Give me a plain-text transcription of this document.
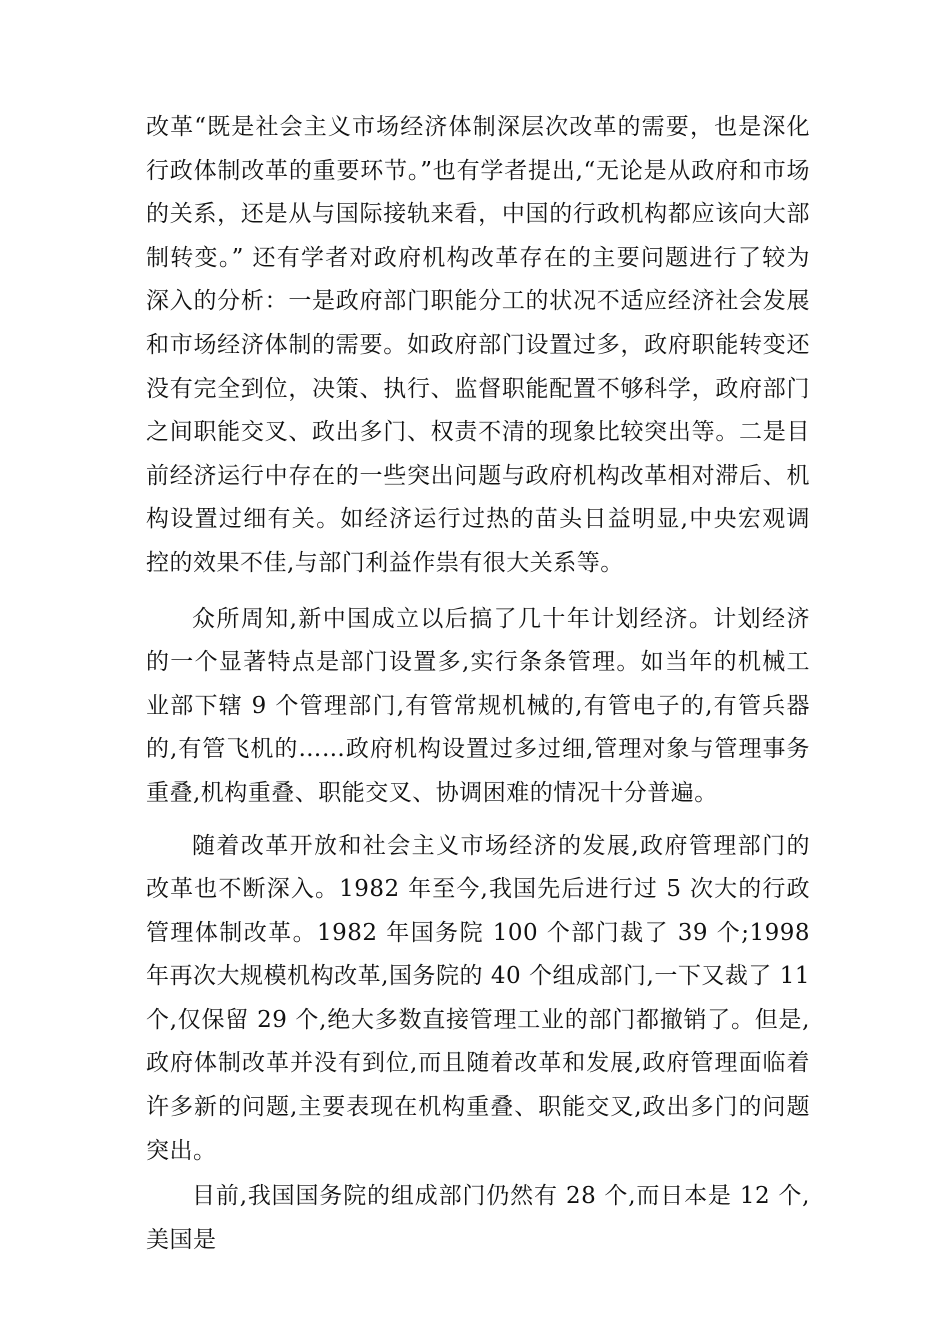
改革“既是社会主义市场经济体制深层次改革的需要，也是深化行政体制改革的重要环节。”也有学者提出,“无论是从政府和市场的关系，还是从与国际接轨来看，中国的行政机构都应该向大部制转变。” 还有学者对政府机构改革存在的主要问题进行了较为深入的分析：一是政府部门职能分工的状况不适应经济社会发展和市场经济体制的需要。如政府部门设置过多，政府职能转变还没有完全到位，决策、执行、监督职能配置不够科学，政府部门之间职能交叉、政出多门、权责不清的现象比较突出等。二是目前经济运行中存在的一些突出问题与政府机构改革相对滞后、机构设置过细有关。如经济运行过热的苗头日益明显,中央宏观调控的效果不佳,与部门利益作祟有很大关系等。

众所周知,新中国成立以后搞了几十年计划经济。计划经济的一个显著特点是部门设置多,实行条条管理。如当年的机械工业部下辖 9 个管理部门,有管常规机械的,有管电子的,有管兵器的,有管飞机的……政府机构设置过多过细,管理对象与管理事务重叠,机构重叠、职能交叉、协调困难的情况十分普遍。

随着改革开放和社会主义市场经济的发展,政府管理部门的改革也不断深入。1982 年至今,我国先后进行过 5 次大的行政管理体制改革。1982 年国务院 100 个部门裁了 39 个;1998 年再次大规模机构改革,国务院的 40 个组成部门,一下又裁了 11 个,仅保留 29 个,绝大多数直接管理工业的部门都撤销了。但是,政府体制改革并没有到位,而且随着改革和发展,政府管理面临着许多新的问题,主要表现在机构重叠、职能交叉,政出多门的问题突出。

目前,我国国务院的组成部门仍然有 28 个,而日本是 12 个,美国是
